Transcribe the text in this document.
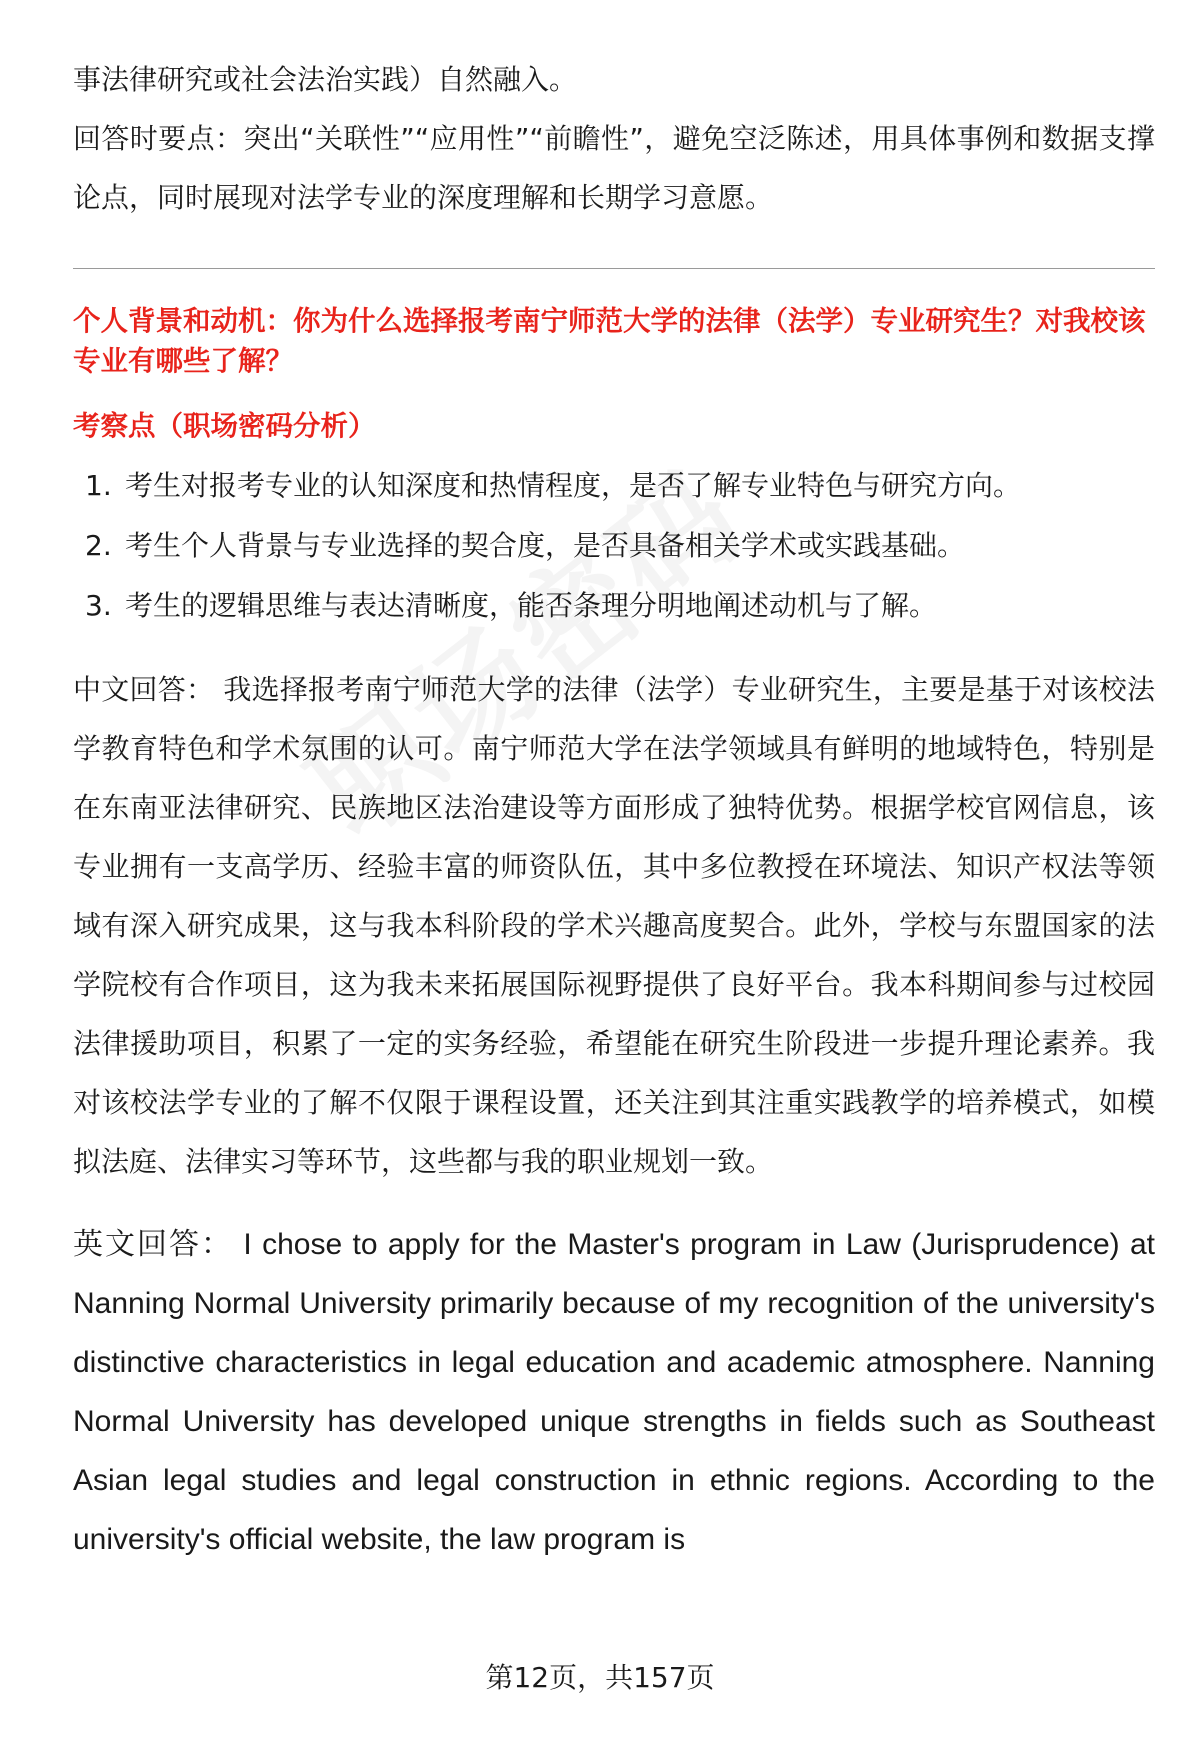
事法律研究或社会法治实践）自然融入。

回答时要点：突出“关联性”“应用性”“前瞻性”，避免空泛陈述，用具体事例和数据支撑论点，同时展现对法学专业的深度理解和长期学习意愿。

个人背景和动机：你为什么选择报考南宁师范大学的法律（法学）专业研究生？对我校该专业有哪些了解？

考察点（职场密码分析）

1. 考生对报考专业的认知深度和热情程度，是否了解专业特色与研究方向。
2. 考生个人背景与专业选择的契合度，是否具备相关学术或实践基础。
3. 考生的逻辑思维与表达清晰度，能否条理分明地阐述动机与了解。

中文回答： 我选择报考南宁师范大学的法律（法学）专业研究生，主要是基于对该校法学教育特色和学术氛围的认可。南宁师范大学在法学领域具有鲜明的地域特色，特别是在东南亚法律研究、民族地区法治建设等方面形成了独特优势。根据学校官网信息，该专业拥有一支高学历、经验丰富的师资队伍，其中多位教授在环境法、知识产权法等领域有深入研究成果，这与我本科阶段的学术兴趣高度契合。此外，学校与东盟国家的法学院校有合作项目，这为我未来拓展国际视野提供了良好平台。我本科期间参与过校园法律援助项目，积累了一定的实务经验，希望能在研究生阶段进一步提升理论素养。我对该校法学专业的了解不仅限于课程设置，还关注到其注重实践教学的培养模式，如模拟法庭、法律实习等环节，这些都与我的职业规划一致。

英文回答： I chose to apply for the Master's program in Law (Jurisprudence) at Nanning Normal University primarily because of my recognition of the university's distinctive characteristics in legal education and academic atmosphere. Nanning Normal University has developed unique strengths in fields such as Southeast Asian legal studies and legal construction in ethnic regions. According to the university's official website, the law program is

第12页，共157页
